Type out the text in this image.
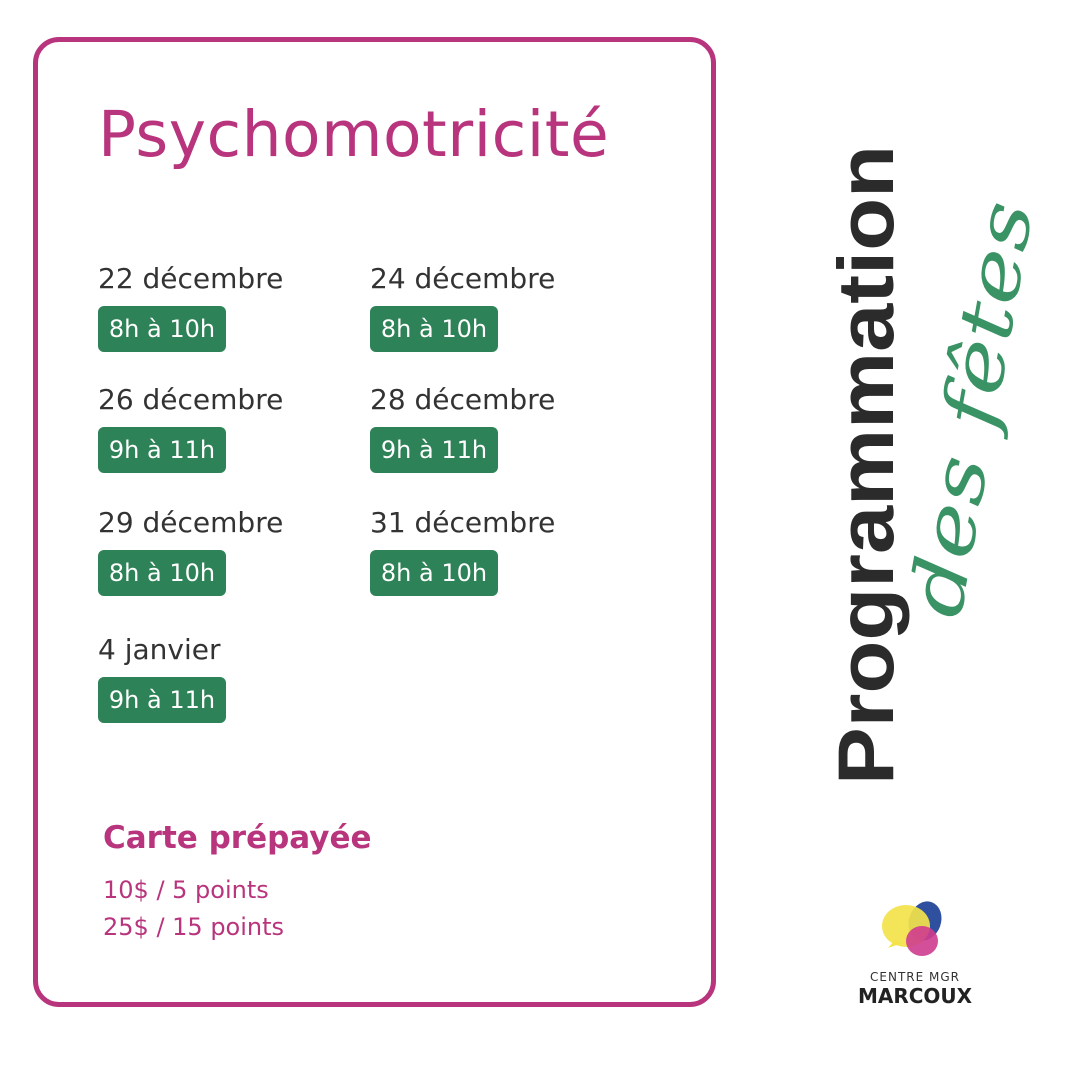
Psychomotricité
22 décembre
8h à 10h
24 décembre
8h à 10h
26 décembre
9h à 11h
28 décembre
9h à 11h
29 décembre
8h à 10h
31 décembre
8h à 10h
4 janvier
9h à 11h
Carte prépayée
10$ / 5 points
25$ / 15 points
Programmation
des fêtes
CENTRE MGR
MARCOUX
